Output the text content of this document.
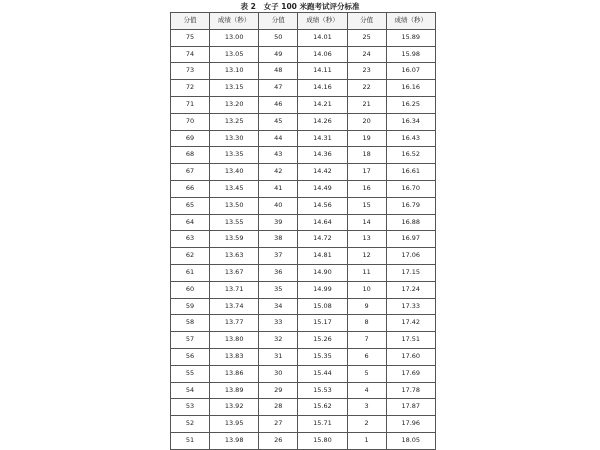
表 2   女子 100 米跑考试评分标准
分值	成绩（秒）	分值	成绩（秒）	分值	成绩（秒）
75	13.00	50	14.01	25	15.89
74	13.05	49	14.06	24	15.98
73	13.10	48	14.11	23	16.07
72	13.15	47	14.16	22	16.16
71	13.20	46	14.21	21	16.25
70	13.25	45	14.26	20	16.34
69	13.30	44	14.31	19	16.43
68	13.35	43	14.36	18	16.52
67	13.40	42	14.42	17	16.61
66	13.45	41	14.49	16	16.70
65	13.50	40	14.56	15	16.79
64	13.55	39	14.64	14	16.88
63	13.59	38	14.72	13	16.97
62	13.63	37	14.81	12	17.06
61	13.67	36	14.90	11	17.15
60	13.71	35	14.99	10	17.24
59	13.74	34	15.08	9	17.33
58	13.77	33	15.17	8	17.42
57	13.80	32	15.26	7	17.51
56	13.83	31	15.35	6	17.60
55	13.86	30	15.44	5	17.69
54	13.89	29	15.53	4	17.78
53	13.92	28	15.62	3	17.87
52	13.95	27	15.71	2	17.96
51	13.98	26	15.80	1	18.05
